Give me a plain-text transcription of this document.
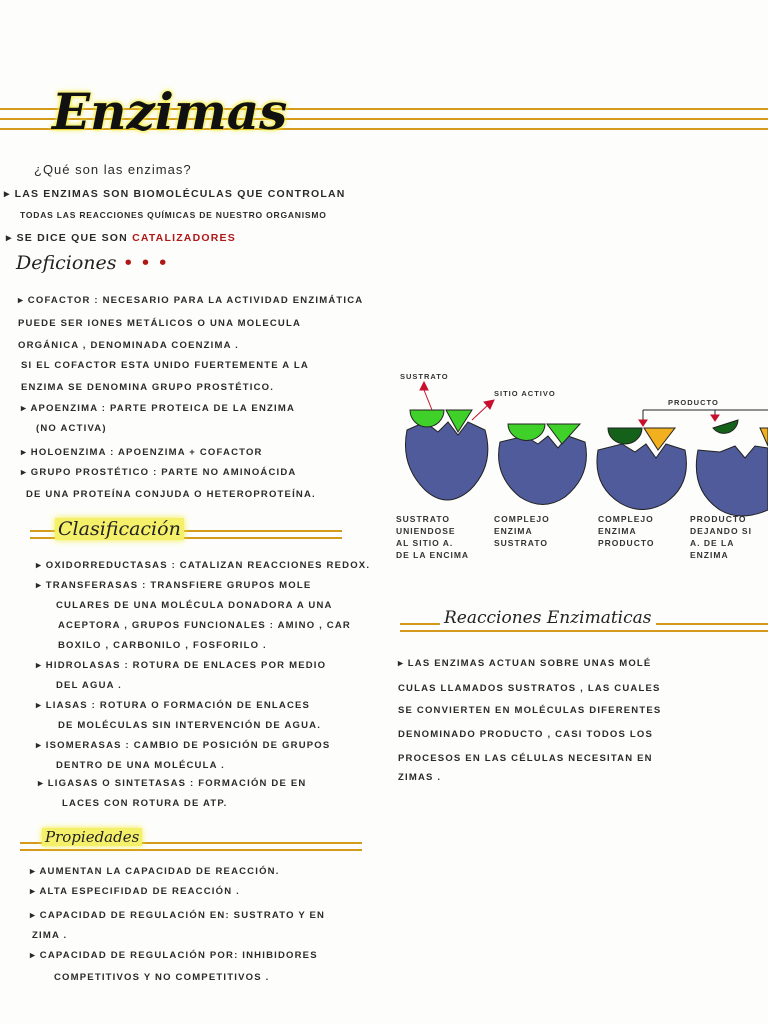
Enzimas
¿Qué son las enzimas?
▸ LAS ENZIMAS SON BIOMOLÉCULAS QUE CONTROLAN
TODAS LAS REACCIONES QUÍMICAS DE NUESTRO ORGANISMO
▸ SE DICE QUE SON CATALIZADORES
Deficiones • • •
▸ COFACTOR : NECESARIO PARA LA ACTIVIDAD ENZIMÁTICA
PUEDE SER IONES METÁLICOS O UNA MOLECULA
ORGÁNICA , DENOMINADA COENZIMA .
SI EL COFACTOR ESTA UNIDO FUERTEMENTE A LA
ENZIMA SE DENOMINA GRUPO PROSTÉTICO.
▸ APOENZIMA : PARTE PROTEICA DE LA ENZIMA
(NO ACTIVA)
▸ HOLOENZIMA : APOENZIMA + COFACTOR
▸ GRUPO PROSTÉTICO : PARTE NO AMINOÁCIDA
DE UNA PROTEÍNA CONJUDA O HETEROPROTEÍNA.
Clasificación
▸ OXIDORREDUCTASAS : CATALIZAN REACCIONES REDOX.
▸ TRANSFERASAS : TRANSFIERE GRUPOS MOLE
CULARES DE UNA MOLÉCULA DONADORA A UNA
ACEPTORA , GRUPOS FUNCIONALES : AMINO , CAR
BOXILO , CARBONILO , FOSFORILO .
▸ HIDROLASAS : ROTURA DE ENLACES POR MEDIO
DEL AGUA .
▸ LIASAS : ROTURA O FORMACIÓN DE ENLACES
DE MOLÉCULAS SIN INTERVENCIÓN DE AGUA.
▸ ISOMERASAS : CAMBIO DE POSICIÓN DE GRUPOS
DENTRO DE UNA MOLÉCULA .
▸ LIGASAS O SINTETASAS : FORMACIÓN DE EN
LACES CON ROTURA DE ATP.
Propiedades
▸ AUMENTAN LA CAPACIDAD DE REACCIÓN.
▸ ALTA ESPECIFIDAD DE REACCIÓN .
▸ CAPACIDAD DE REGULACIÓN EN: SUSTRATO Y EN
ZIMA .
▸ CAPACIDAD DE REGULACIÓN POR: INHIBIDORES
COMPETITIVOS Y NO COMPETITIVOS .
SUSTRATO
SITIO ACTIVO
PRODUCTO
SUSTRATO
UNIENDOSE
AL SITIO A.
DE LA ENCIMA
COMPLEJO
ENZIMA
SUSTRATO
COMPLEJO
ENZIMA
PRODUCTO
PRODUCTO
DEJANDO SI
A. DE LA
ENZIMA
Reacciones Enzimaticas
▸ LAS ENZIMAS ACTUAN SOBRE UNAS MOLÉ
CULAS LLAMADOS SUSTRATOS , LAS CUALES
SE CONVIERTEN EN MOLÉCULAS DIFERENTES
DENOMINADO PRODUCTO , CASI TODOS LOS
PROCESOS EN LAS CÉLULAS NECESITAN EN
ZIMAS .
